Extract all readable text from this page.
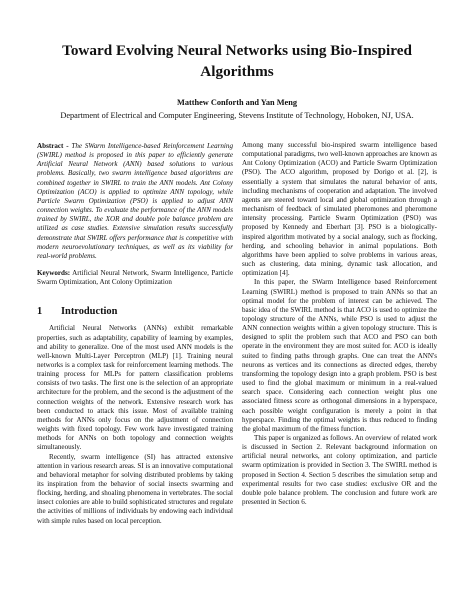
Toward Evolving Neural Networks using Bio-Inspired Algorithms
Matthew Conforth and Yan Meng
Department of Electrical and Computer Engineering, Stevens Institute of Technology, Hoboken, NJ, USA.

Abstract - The SWarm Intelligence-based Reinforcement Learning (SWIRL) method is proposed in this paper to efficiently generate Artificial Neural Network (ANN) based solutions to various problems. Basically, two swarm intelligence based algorithms are combined together in SWIRL to train the ANN models. Ant Colony Optimization (ACO) is applied to optimize ANN topology, while Particle Swarm Optimization (PSO) is applied to adjust ANN connection weights. To evaluate the performance of the ANN models trained by SWIRL, the XOR and double pole balance problem are utilized as case studies. Extensive simulation results successfully demonstrate that SWIRL offers performance that is competitive with modern neuroevolutionary techniques, as well as its viability for real-world problems.

Keywords: Artificial Neural Network, Swarm Intelligence, Particle Swarm Optimization, Ant Colony Optimization

1 Introduction

Artificial Neural Networks (ANNs) exhibit remarkable properties, such as adaptability, capability of learning by examples, and ability to generalize. One of the most used ANN models is the well-known Multi-Layer Perceptron (MLP) [1]. Training neural networks is a complex task for reinforcement learning methods. The training process for MLPs for pattern classification problems consists of two tasks. The first one is the selection of an appropriate architecture for the problem, and the second is the adjustment of the connection weights of the network. Extensive research work has been conducted to attack this issue. Most of available training methods for ANNs only focus on the adjustment of connection weights with fixed topology. Few work have investigated training methods for ANNs on both topology and connection weights simultaneously.

Recently, swarm intelligence (SI) has attracted extensive attention in various research areas. SI is an innovative computational and behavioral metaphor for solving distributed problems by taking its inspiration from the behavior of social insects swarming and flocking, herding, and shoaling phenomena in vertebrates. The social insect colonies are able to build sophisticated structures and regulate the activities of millions of individuals by endowing each individual with simple rules based on local perception.

Among many successful bio-inspired swarm intelligence based computational paradigms, two well-known approaches are known as Ant Colony Optimization (ACO) and Particle Swarm Optimization (PSO). The ACO algorithm, proposed by Dorigo et al. [2], is essentially a system that simulates the natural behavior of ants, including mechanisms of cooperation and adaptation. The involved agents are steered toward local and global optimization through a mechanism of feedback of simulated pheromones and pheromone intensity processing. Particle Swarm Optimization (PSO) was proposed by Kennedy and Eberhart [3]. PSO is a biologically-inspired algorithm motivated by a social analogy, such as flocking, herding, and schooling behavior in animal populations. Both algorithms have been applied to solve problems in various areas, such as clustering, data mining, dynamic task allocation, and optimization [4].

In this paper, the SWarm Intelligence based Reinforcement Learning (SWIRL) method is proposed to train ANNs so that an optimal model for the problem of interest can be achieved. The basic idea of the SWIRL method is that ACO is used to optimize the topology structure of the ANNs, while PSO is used to adjust the ANN connection weights within a given topology structure. This is designed to split the problem such that ACO and PSO can both operate in the environment they are most suited for. ACO is ideally suited to finding paths through graphs. One can treat the ANN's neurons as vertices and its connections as directed edges, thereby transforming the topology design into a graph problem. PSO is best used to find the global maximum or minimum in a real-valued search space. Considering each connection weight plus one associated fitness score as orthogonal dimensions in a hyperspace, each possible weight configuration is merely a point in that hyperspace. Finding the optimal weights is thus reduced to finding the global maximum of the fitness function.

This paper is organized as follows. An overview of related work is discussed in Section 2. Relevant background information on artificial neural networks, ant colony optimization, and particle swarm optimization is provided in Section 3. The SWIRL method is proposed in Section 4. Section 5 describes the simulation setup and experimental results for two case studies: exclusive OR and the double pole balance problem. The conclusion and future work are presented in Section 6.
